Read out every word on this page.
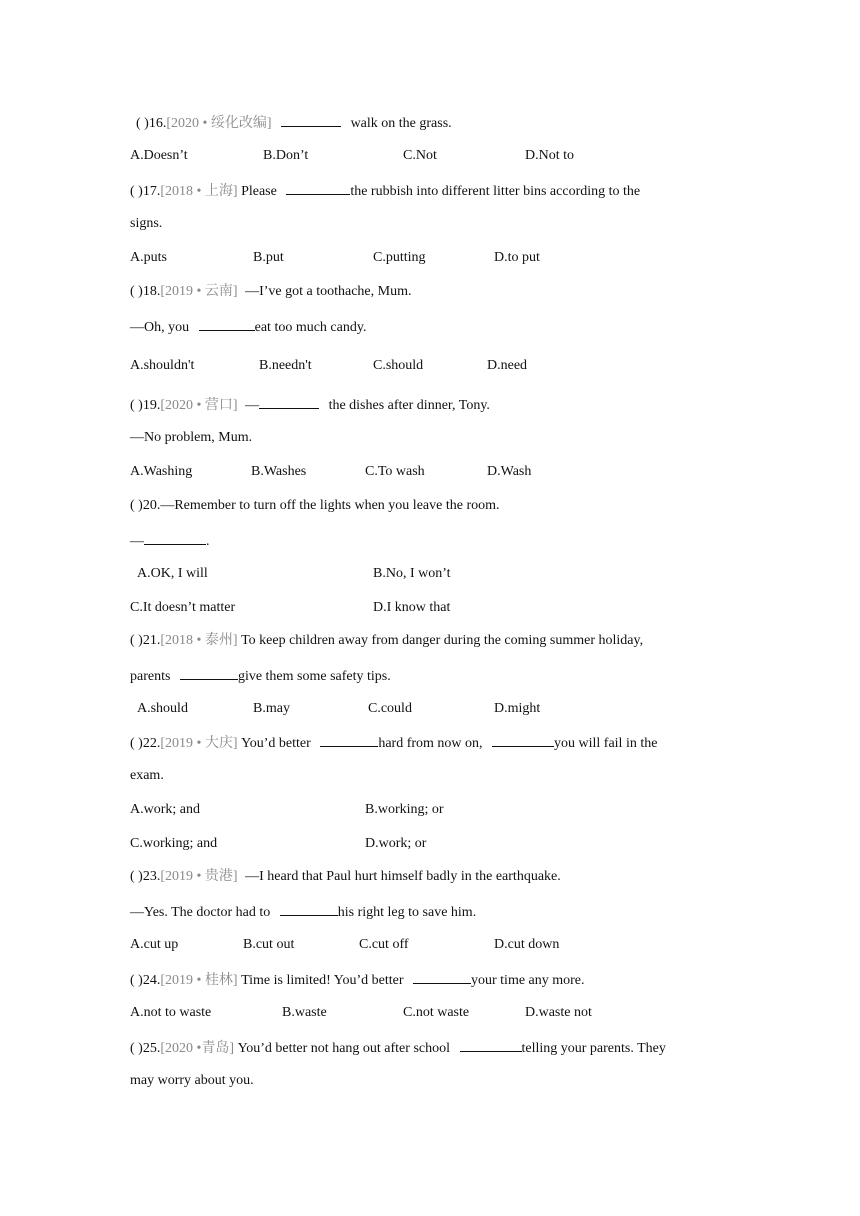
( )16.[2020 • 绥化改编]	walk on the grass.
A.Doesn’t	B.Don’t	C.Not	D.Not to
( )17.[2018 • 上海] Please	the rubbish into different litter bins according to the
signs.
A.puts	B.put	C.putting	D.to put
( )18.[2019 • 云南] —I’ve got a toothache, Mum.
—Oh, you	eat too much candy.
A.shouldn't	B.needn't	C.should	D.need
( )19.[2020 • 营口] —	the dishes after dinner, Tony.
—No problem, Mum.
A.Washing	B.Washes	C.To wash	D.Wash
( )20.—Remember to turn off the lights when you leave the room.
—	.
A.OK, I will	B.No, I won’t
C.It doesn’t matter	D.I know that
( )21.[2018 • 泰州] To keep children away from danger during the coming summer holiday,
parents	give them some safety tips.
A.should	B.may	C.could	D.might
( )22.[2019 • 大庆] You’d better	hard from now on,	you will fail in the
exam.
A.work; and	B.working; or
C.working; and	D.work; or
( )23.[2019 • 贵港] —I heard that Paul hurt himself badly in the earthquake.
—Yes. The doctor had to	his right leg to save him.
A.cut up	B.cut out	C.cut off	D.cut down
( )24.[2019 • 桂林] Time is limited! You’d better	your time any more.
A.not to waste	B.waste	C.not waste	D.waste not
( )25.[2020 •青岛] You’d better not hang out after school	telling your parents. They
may worry about you.
